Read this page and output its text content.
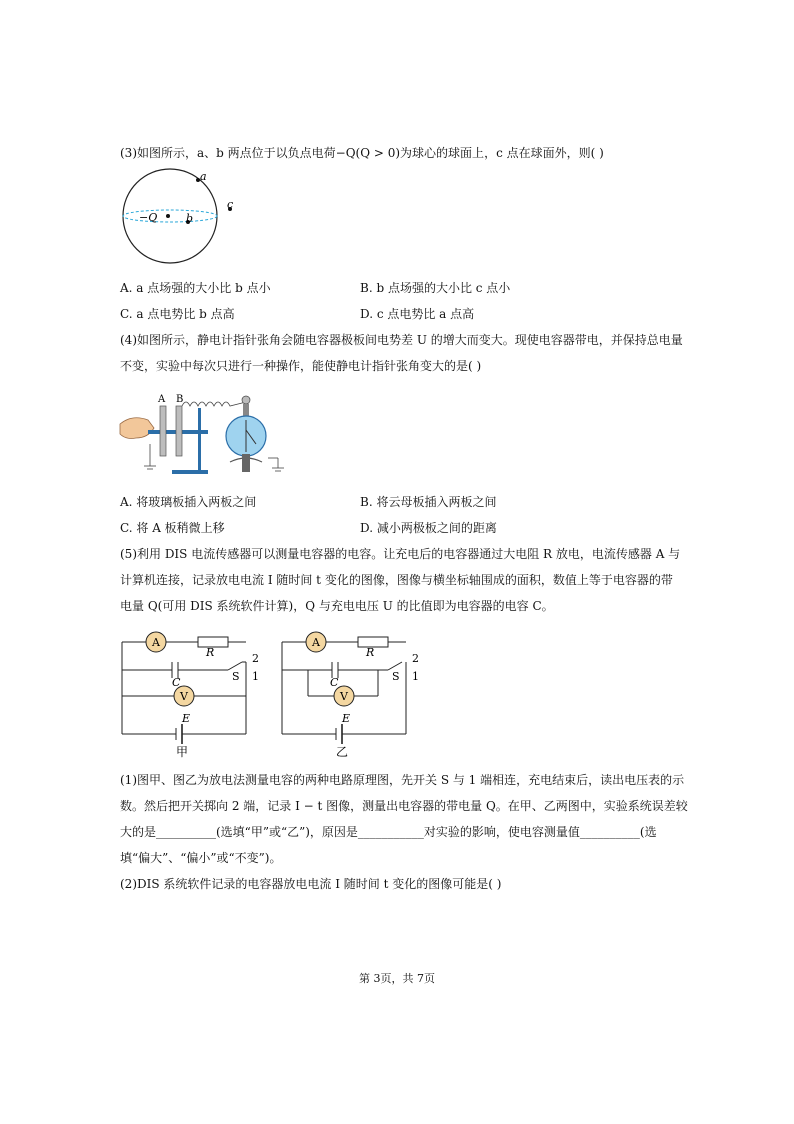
(3)如图所示，a、b 两点位于以负点电荷−Q(Q > 0)为球心的球面上，c 点在球面外，则( )
a
−Q	b
c
A. a 点场强的大小比 b 点小	B. b 点场强的大小比 c 点小
C. a 点电势比 b 点高	D. c 点电势比 a 点高
(4)如图所示，静电计指针张角会随电容器极板间电势差 U 的增大而变大。现使电容器带电，并保持总电量
不变，实验中每次只进行一种操作，能使静电计指针张角变大的是( )
A B
A. 将玻璃板插入两板之间	B. 将云母板插入两板之间
C. 将 A 板稍微上移	D. 减小两极板之间的距离
(5)利用 DIS 电流传感器可以测量电容器的电容。让充电后的电容器通过大电阻 R 放电，电流传感器 A 与
计算机连接，记录放电电流 I 随时间 t 变化的图像，图像与横坐标轴围成的面积，数值上等于电容器的带
电量 Q(可用 DIS 系统软件计算)，Q 与充电电压 U 的比值即为电容器的电容 C。
A
V
R
C	S 1
2
E
甲
A
V
R
C	S 1
2
E
乙
(1)图甲、图乙为放电法测量电容的两种电路原理图，先开关 S 与 1 端相连，充电结束后，读出电压表的示
数。然后把开关掷向 2 端，记录 I − t 图像，测量出电容器的带电量 Q。在甲、乙两图中，实验系统误差较
大的是__________(选填“甲”或“乙”)，原因是___________对实验的影响，使电容测量值__________(选
填“偏大”、“偏小”或“不变”)。
(2)DIS 系统软件记录的电容器放电电流 I 随时间 t 变化的图像可能是( )
第 3页，共 7页
